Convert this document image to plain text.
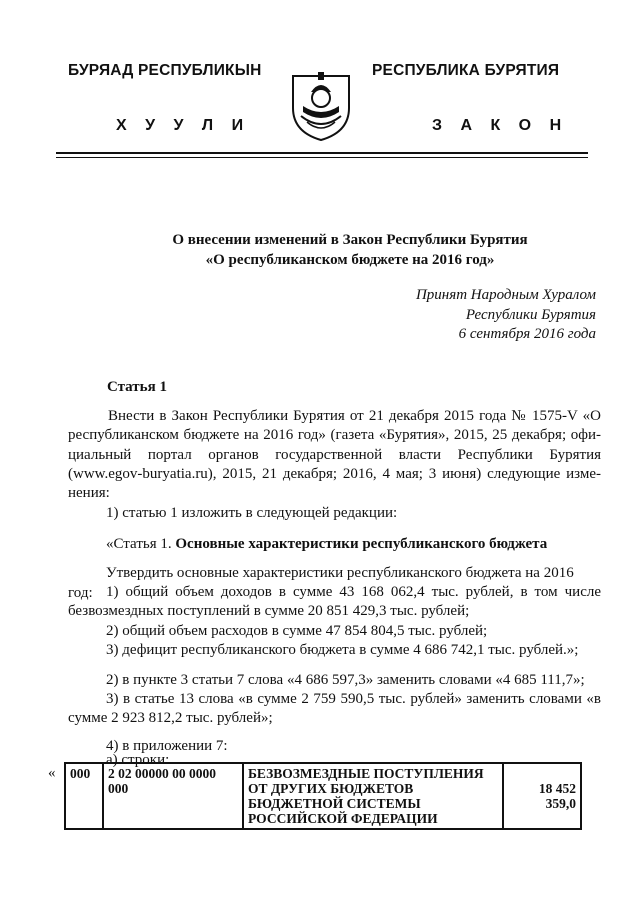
БУРЯАД РЕСПУБЛИКЫН
Х У У Л И
РЕСПУБЛИКА БУРЯТИЯ
З А К О Н
О внесении изменений в Закон Республики Бурятия
«О республиканском бюджете на 2016 год»
Принят Народным Хуралом
Республики Бурятия
6 сентября 2016 года
Статья 1
Внести в Закон Республики Бурятия от 21 декабря 2015 года № 1575-V «О
республиканском бюджете на 2016 год» (газета «Бурятия», 2015, 25 декабря; офи-
циальный портал органов государственной власти Республики Бурятия
(www.egov-buryatia.ru), 2015, 21 декабря; 2016, 4 мая; 3 июня) следующие изме-
нения:
1) статью 1 изложить в следующей редакции:
«Статья 1. Основные характеристики республиканского бюджета
Утвердить основные характеристики республиканского бюджета на 2016 год: 1) общий объем доходов в сумме 43 168 062,4 тыс. рублей, в том числе
безвозмездных поступлений в сумме 20 851 429,3 тыс. рублей;
2) общий объем расходов в сумме 47 854 804,5 тыс. рублей;
3) дефицит республиканского бюджета в сумме 4 686 742,1 тыс. рублей.»;
2) в пункте 3 статьи 7 слова «4 686 597,3» заменить словами «4 685 111,7»;
3) в статье 13 слова «в сумме 2 759 590,5 тыс. рублей» заменить словами «в
сумме 2 923 812,2 тыс. рублей»;
4) в приложении 7:
а) строки:
« 000	2 02 00000 00 0000 000	БЕЗВОЗМЕЗДНЫЕ ПОСТУПЛЕНИЯ ОТ ДРУГИХ БЮДЖЕТОВ БЮДЖЕТНОЙ СИСТЕМЫ РОССИЙСКОЙ ФЕДЕРАЦИИ	18 452 359,0
